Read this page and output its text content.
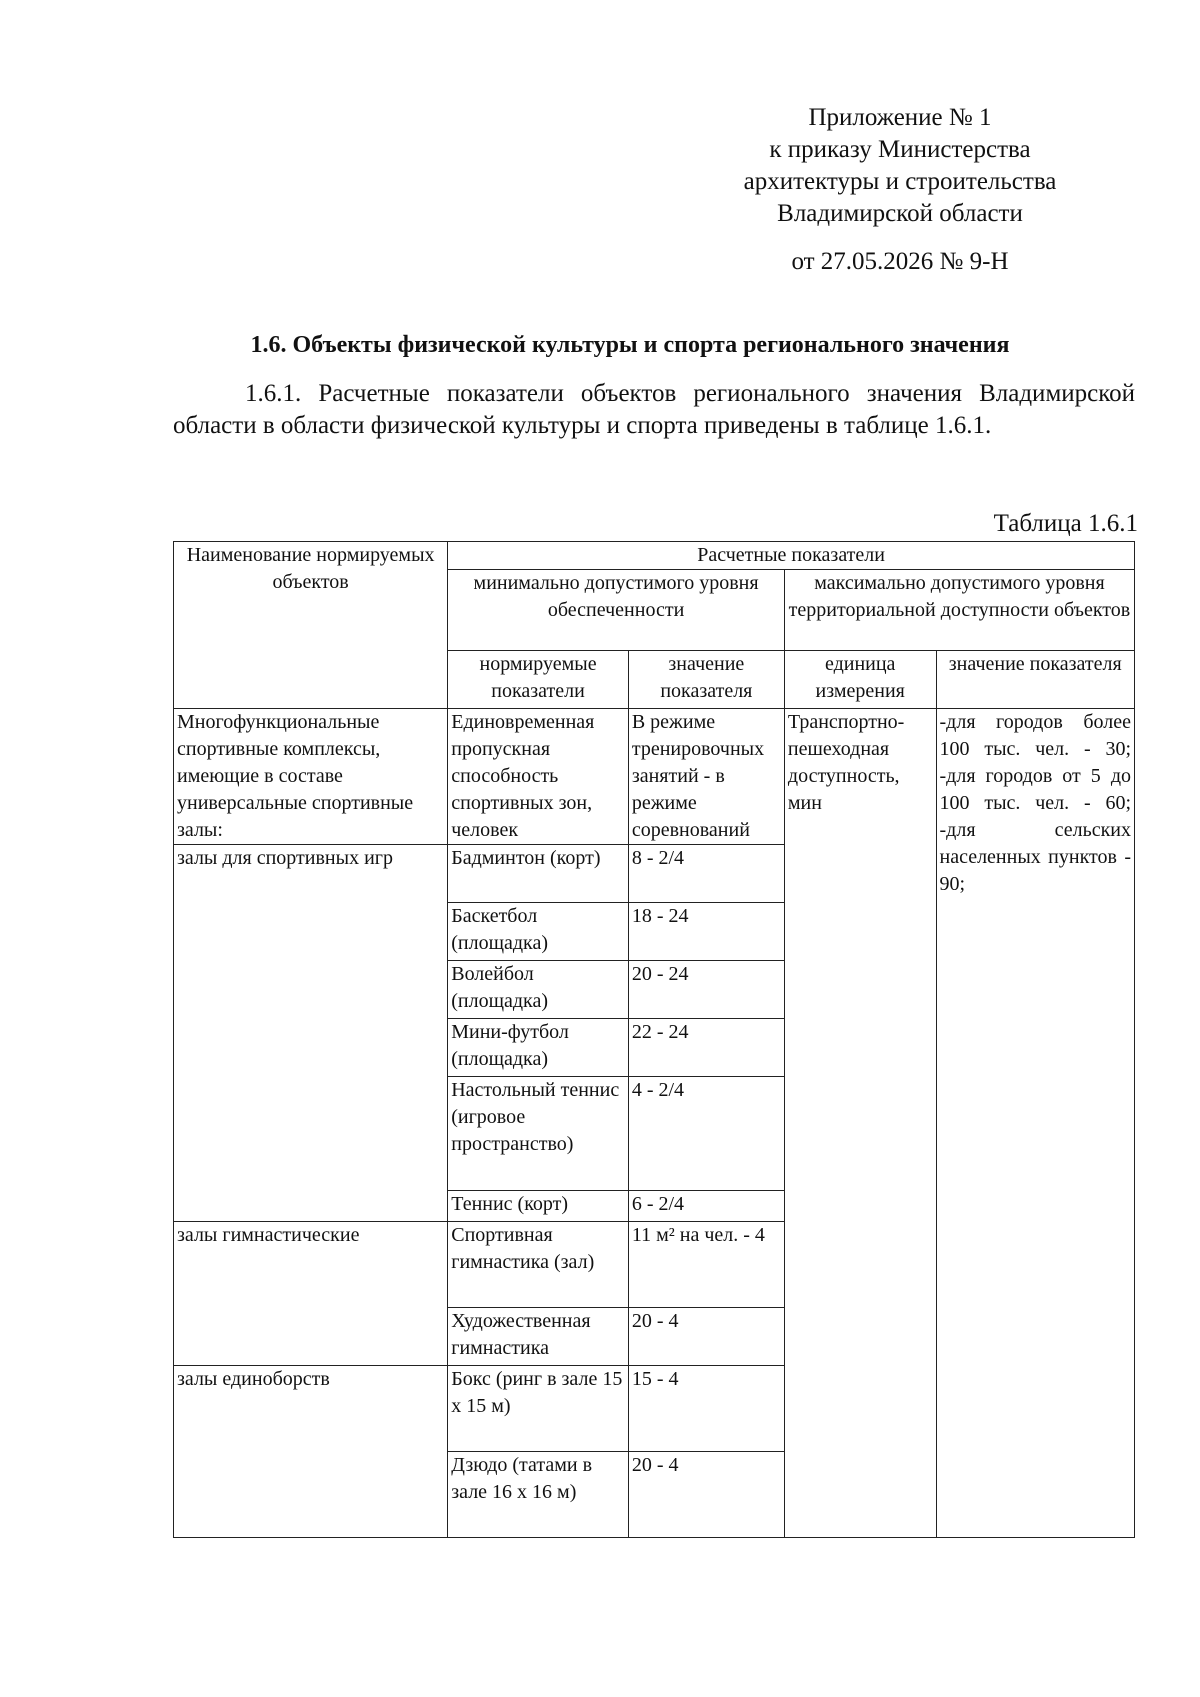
Приложение № 1
к приказу Министерства
архитектуры и строительства
Владимирской области
от 27.05.2026 № 9-Н
1.6. Объекты физической культуры и спорта регионального значения
1.6.1. Расчетные показатели объектов регионального значения Владимирской области в области физической культуры и спорта приведены в таблице 1.6.1.
Таблица 1.6.1
Наименование нормируемых объектов	Расчетные показатели			
	минимально допустимого уровня обеспеченности		максимально допустимого уровня территориальной доступности объектов	
	нормируемые показатели	значение показателя	единица измерения	значение показателя
Многофункциональные спортивные комплексы, имеющие в составе универсальные спортивные залы:	Единовременная пропускная способность спортивных зон, человек	В режиме тренировочных занятий - в режиме соревнований	Транспортно-пешеходная доступность, мин	-для городов более 100 тыс. чел. - 30;
-для городов от 5 до 100 тыс. чел. - 60;
-для сельских населенных пунктов - 90;

залы для спортивных игр	Бадминтон (корт)	8 - 2/4		
	Баскетбол (площадка)	18 - 24		
	Волейбол (площадка)	20 - 24		
	Мини-футбол (площадка)	22 - 24		
	Настольный теннис (игровое пространство)	4 - 2/4		
	Теннис (корт)	6 - 2/4		
залы гимнастические	Спортивная гимнастика (зал)	11 м² на чел. - 4		
	Художественная гимнастика	20 - 4		
залы единоборств	Бокс (ринг в зале 15 х 15 м)	15 - 4		
	Дзюдо (татами в зале 16 х 16 м)	20 - 4		
